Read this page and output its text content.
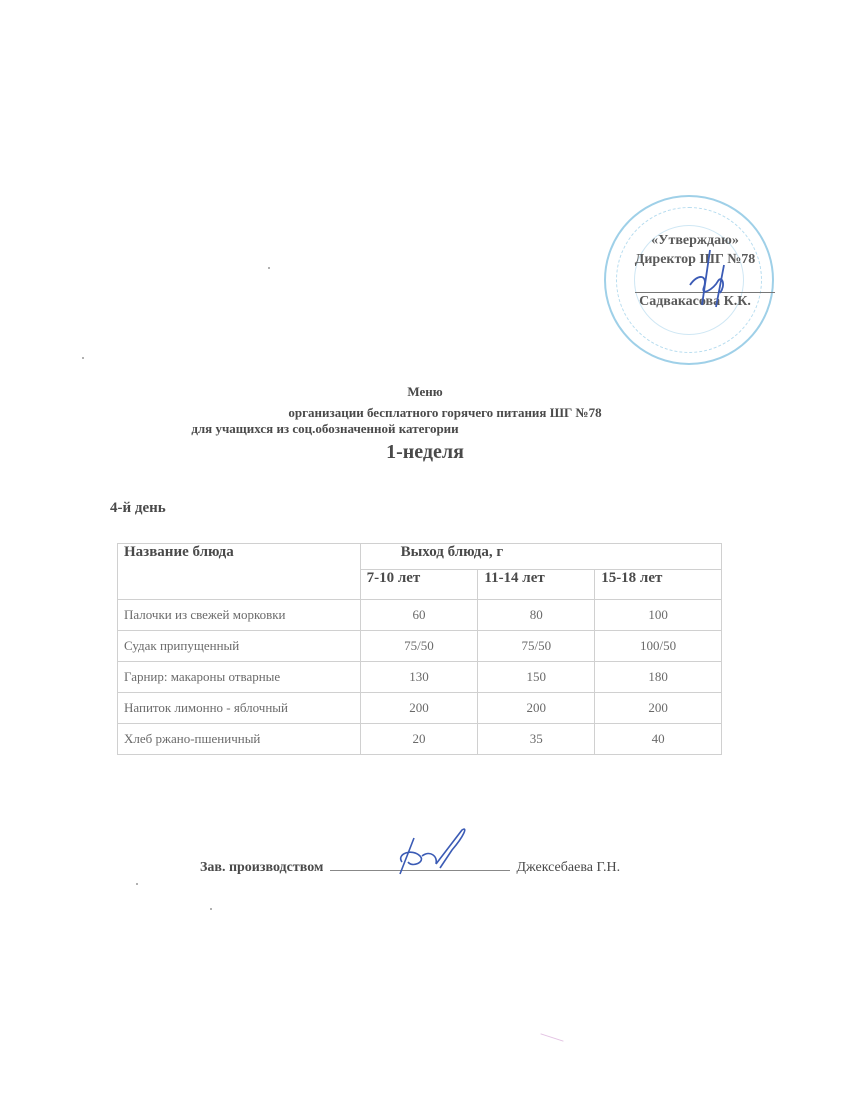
«Утверждаю»
Директор ШГ №78
Садвакасова К.К.
Меню
организации бесплатного горячего питания ШГ №78
для учащихся из соц.обозначенной категории
1-неделя
4-й день
Название блюда	Выход блюда, г		
	7-10 лет	11-14 лет	15-18 лет
Палочки из свежей морковки	60	80	100
Судак припущенный	75/50	75/50	100/50
Гарнир: макароны отварные	130	150	180
Напиток лимонно - яблочный	200	200	200
Хлеб ржано-пшеничный	20	35	40
Зав. производством	Джексебаева Г.Н.
